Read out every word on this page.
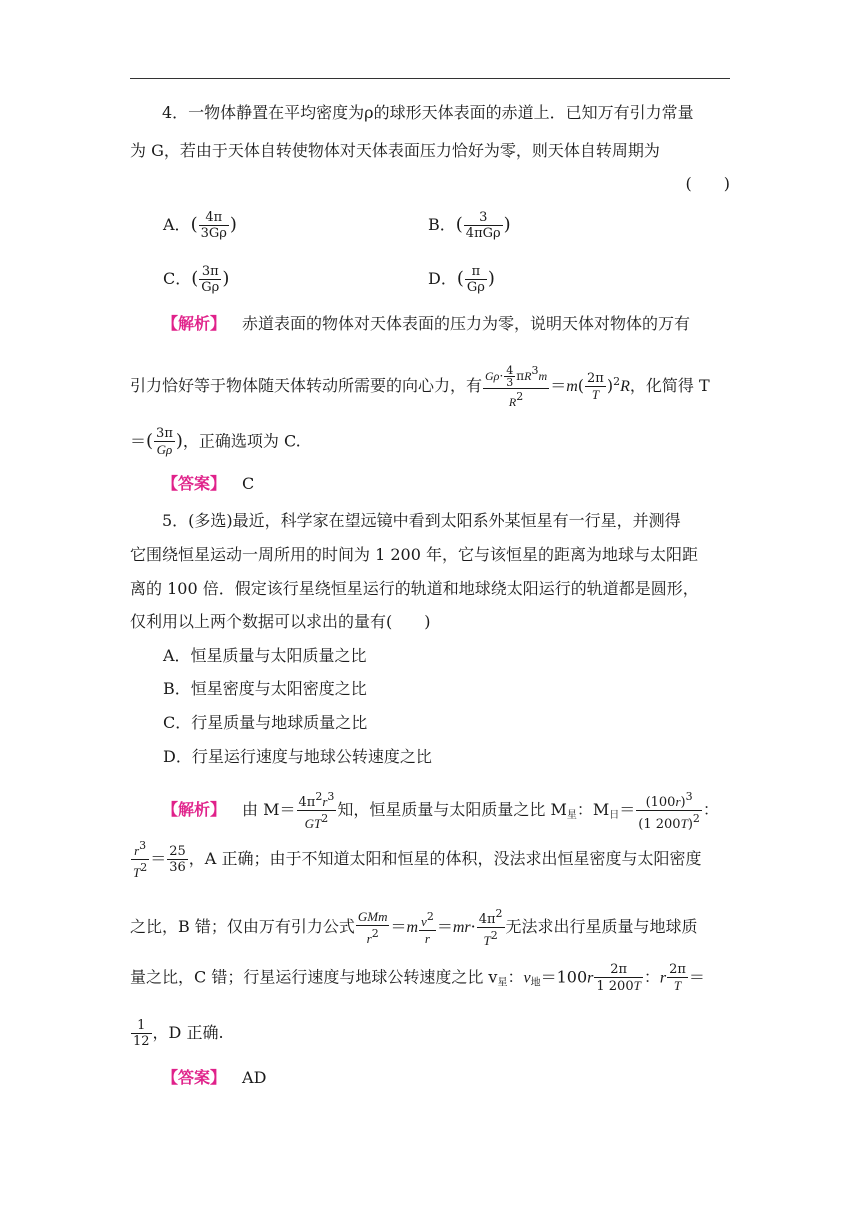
4．一物体静置在平均密度为ρ的球形天体表面的赤道上．已知万有引力常量
为 G，若由于天体自转使物体对天体表面压力恰好为零，则天体自转周期为
(　　)
A．( $\frac{4\pi}{3G\rho}$ )	B．( $\frac{3}{\text{4πGρ}}$ )
C．( $\frac{3\pi}{G\rho}$ )	D．( $\frac{\pi}{G\rho}$ )
【解析】 赤道表面的物体对天体表面的压力为零，说明天体对物体的万有
引力恰好等于物体随天体转动所需要的向心力，有 $\frac{G\rho\cdot \frac{4}{3} \pi R3m}{R2} =m( \frac{2\pi}{T} )^2R$，化简得 T
＝( $\frac{3\pi}{G\rho}$ )，正确选项为 C.
【答案】 C
5．(多选)最近，科学家在望远镜中看到太阳系外某恒星有一行星，并测得
它围绕恒星运动一周所用的时间为 1 200 年，它与该恒星的距离为地球与太阳距
离的 100 倍．假定该行星绕恒星运行的轨道和地球绕太阳运行的轨道都是圆形，
仅利用以上两个数据可以求出的量有(　　)
A．恒星质量与太阳质量之比
B．恒星密度与太阳密度之比
C．行星质量与地球质量之比
D．行星运行速度与地球公转速度之比
【解析】 由 $M= \frac{4\pi^2r^3}{GT^2}$ 知，恒星质量与太阳质量之比 $M_星$：$M_日= \frac{(100r)^3}{(1 200T)^2}$ ：
$\frac{r^3}{T^2} = \frac{25}{36}$ ，A 正确；由于不知道太阳和恒星的体积，没法求出恒星密度与太阳密度
之比，B 错；仅由万有引力公式 $\frac{\text{GMm}}{r^2} =m \frac{v^2}{r} =mr\cdot \frac{4\pi^2}{T^2}$ 无法求出行星质量与地球质
量之比，C 错；行星运行速度与地球公转速度之比 $v_星$：$v_地=100r \frac{2\pi}{1 200T}$ ：r $\frac{2\pi}{T}$ ＝
$\frac{1}{12}$ ，D 正确.
【答案】 AD
